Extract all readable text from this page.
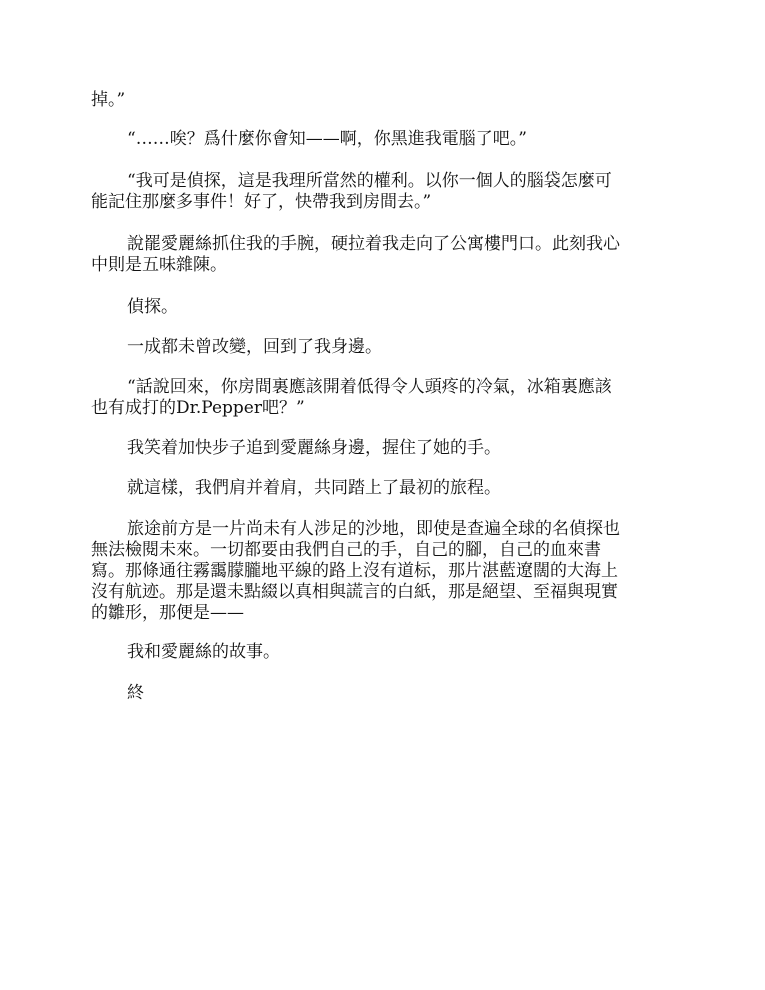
掉。”

“……唉？爲什麼你會知——啊，你黑進我電腦了吧。”

“我可是偵探，這是我理所當然的權利。以你一個人的腦袋怎麼可
能記住那麼多事件！好了，快帶我到房間去。”

說罷愛麗絲抓住我的手腕，硬拉着我走向了公寓樓門口。此刻我心
中則是五味雜陳。

偵探。

一成都未曾改變，回到了我身邊。

“話說回來，你房間裏應該開着低得令人頭疼的冷氣，冰箱裏應該
也有成打的Dr.Pepper吧？”

我笑着加快步子追到愛麗絲身邊，握住了她的手。

就這樣，我們肩并着肩，共同踏上了最初的旅程。

旅途前方是一片尚未有人涉足的沙地，即使是查遍全球的名偵探也
無法檢閱未來。一切都要由我們自己的手，自己的腳，自己的血來書
寫。那條通往霧靄朦朧地平線的路上沒有道标，那片湛藍遼闊的大海上
沒有航迹。那是還未點綴以真相與謊言的白紙，那是絕望、至福與現實
的雛形，那便是——

我和愛麗絲的故事。

終
